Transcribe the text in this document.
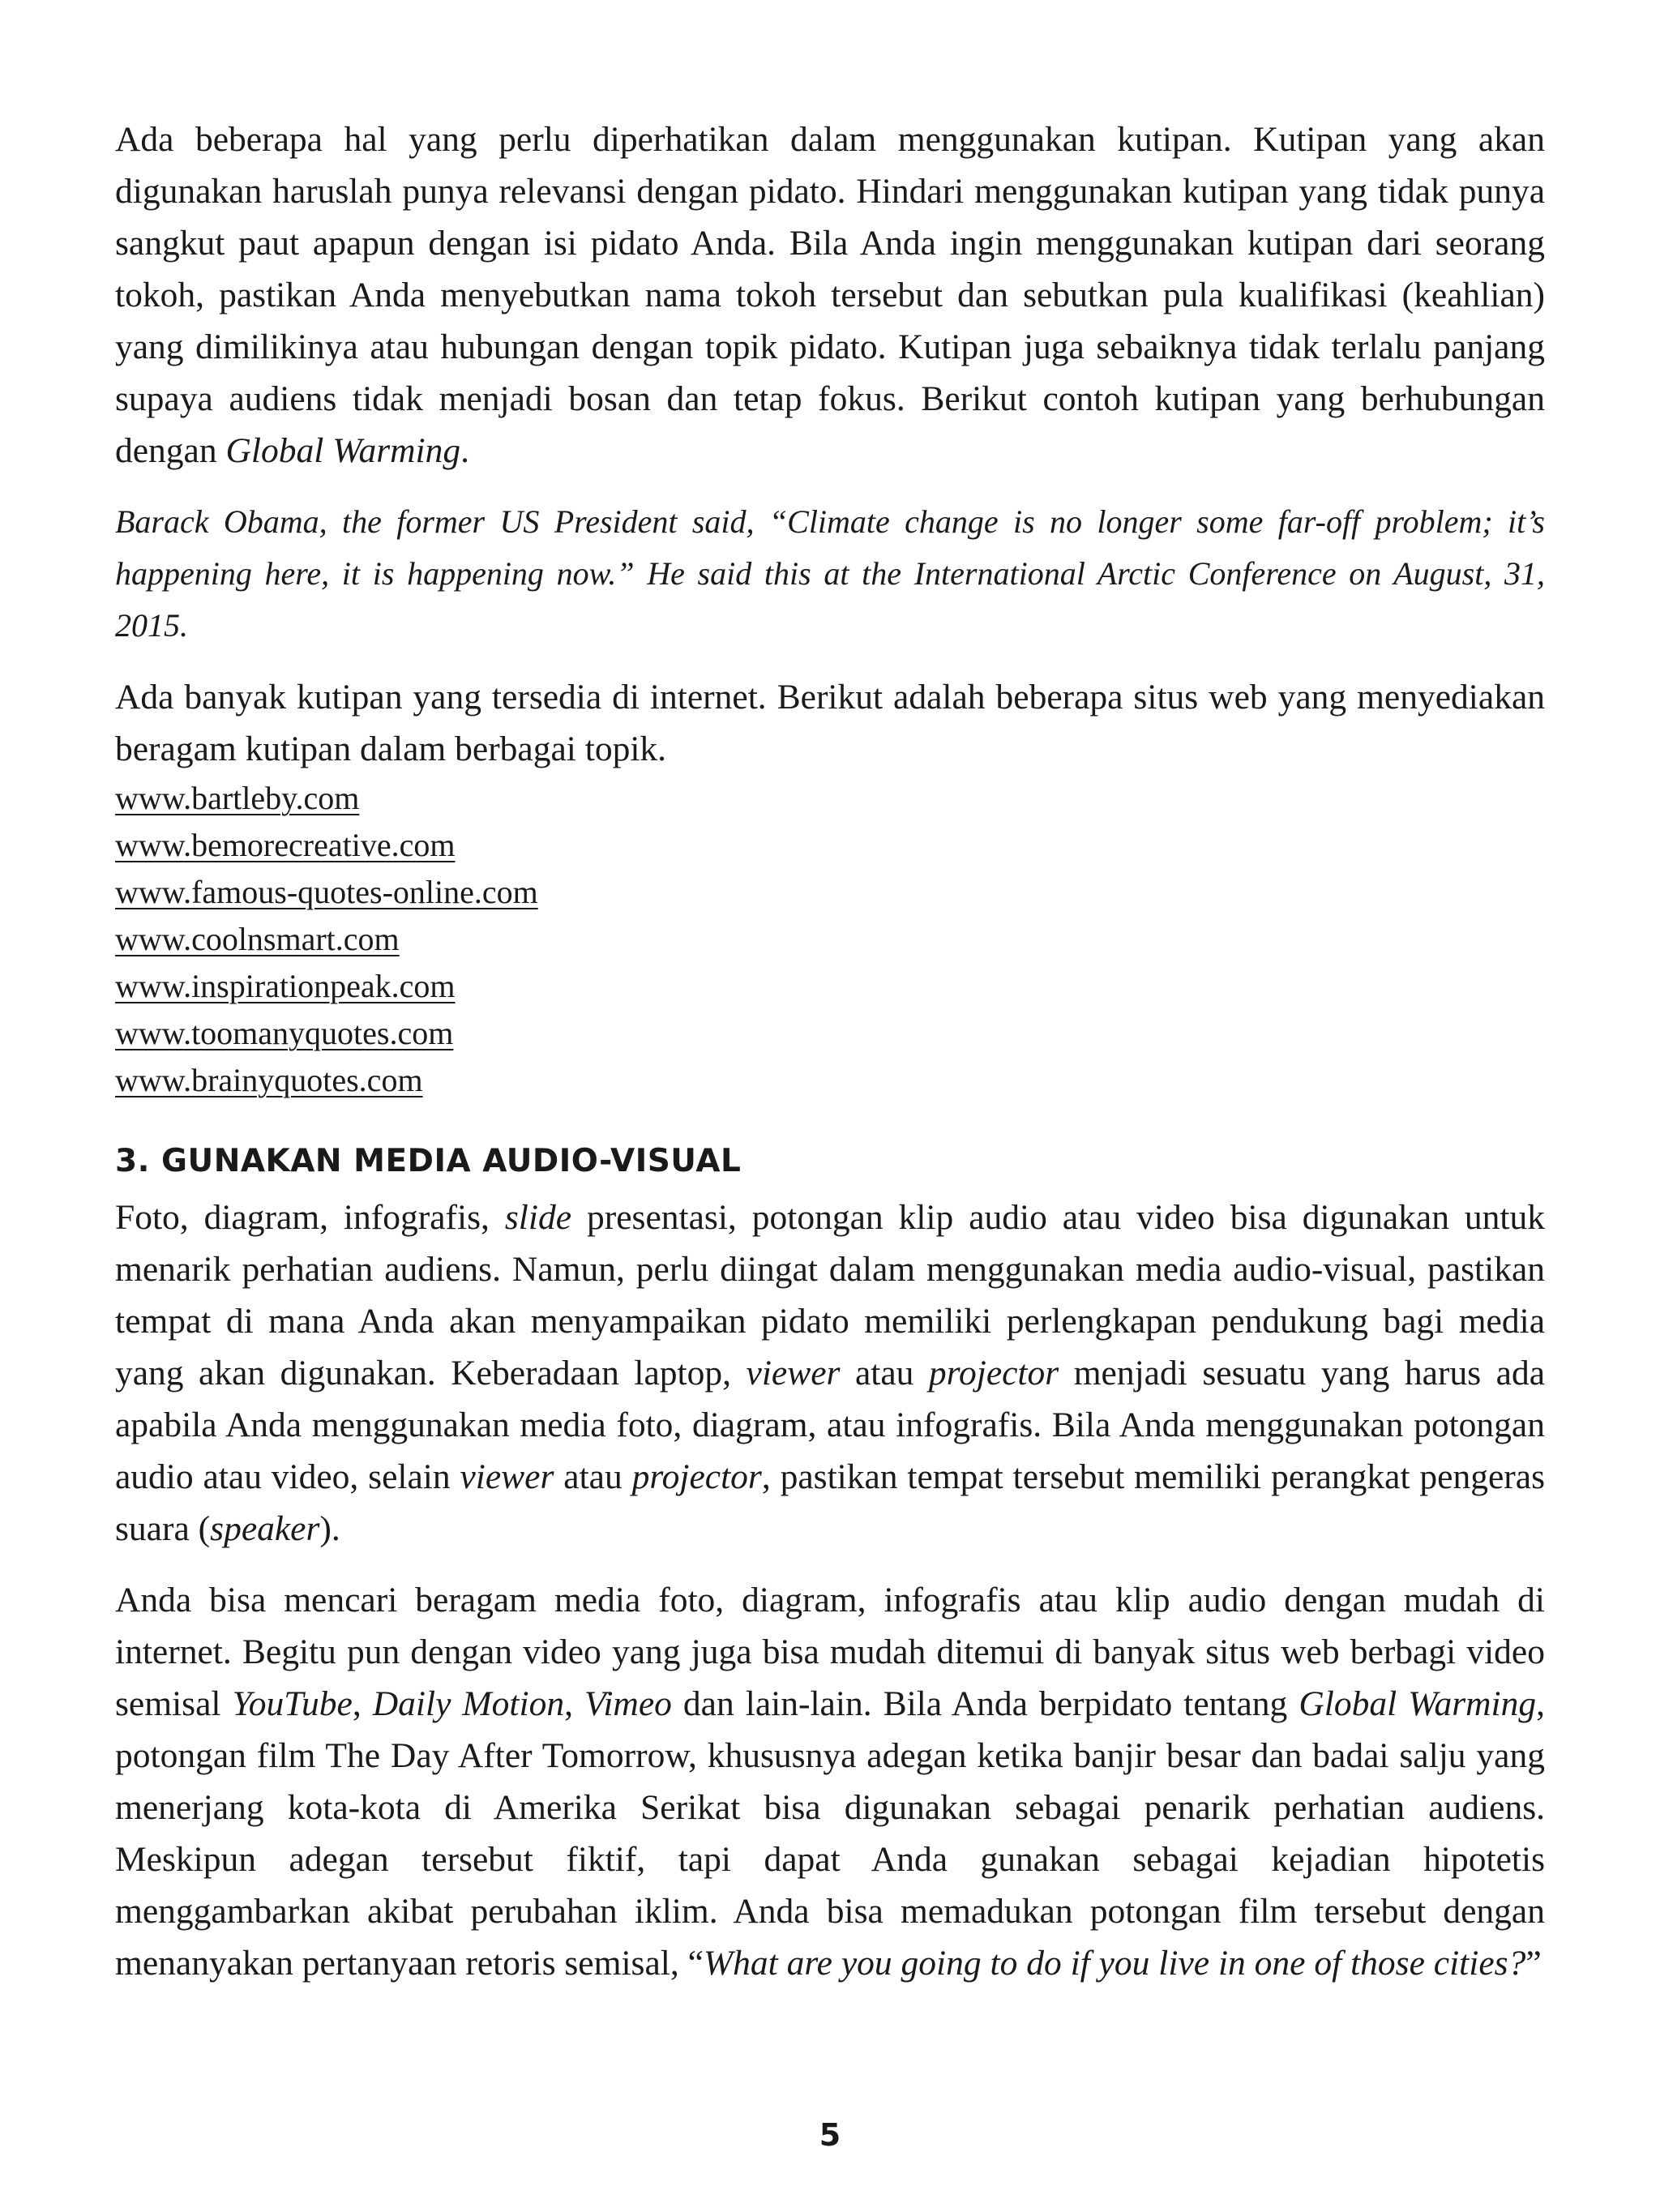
Ada beberapa hal yang perlu diperhatikan dalam menggunakan kutipan. Kutipan yang akan digunakan haruslah punya relevansi dengan pidato. Hindari menggunakan kutipan yang tidak punya sangkut paut apapun dengan isi pidato Anda. Bila Anda ingin menggunakan kutipan dari seorang tokoh, pastikan Anda menyebutkan nama tokoh tersebut dan sebutkan pula kualifikasi (keahlian) yang dimilikinya atau hubungan dengan topik pidato. Kutipan juga sebaiknya tidak terlalu panjang supaya audiens tidak menjadi bosan dan tetap fokus. Berikut contoh kutipan yang berhubungan dengan Global Warming.

Barack Obama, the former US President said, “Climate change is no longer some far-off problem; it’s happening here, it is happening now.” He said this at the International Arctic Conference on August, 31, 2015.

Ada banyak kutipan yang tersedia di internet. Berikut adalah beberapa situs web yang menyediakan beragam kutipan dalam berbagai topik.

www.bartleby.com
www.bemorecreative.com
www.famous-quotes-online.com
www.coolnsmart.com
www.inspirationpeak.com
www.toomanyquotes.com
www.brainyquotes.com
3. GUNAKAN MEDIA AUDIO-VISUAL

Foto, diagram, infografis, slide presentasi, potongan klip audio atau video bisa digunakan untuk menarik perhatian audiens. Namun, perlu diingat dalam menggunakan media audio-visual, pastikan tempat di mana Anda akan menyampaikan pidato memiliki perlengkapan pendukung bagi media yang akan digunakan. Keberadaan laptop, viewer atau projector menjadi sesuatu yang harus ada apabila Anda menggunakan media foto, diagram, atau infografis. Bila Anda menggunakan potongan audio atau video, selain viewer atau projector, pastikan tempat tersebut memiliki perangkat pengeras suara (speaker).

Anda bisa mencari beragam media foto, diagram, infografis atau klip audio dengan mudah di internet. Begitu pun dengan video yang juga bisa mudah ditemui di banyak situs web berbagi video semisal YouTube, Daily Motion, Vimeo dan lain-lain. Bila Anda berpidato tentang Global Warming, potongan film The Day After Tomorrow, khususnya adegan ketika banjir besar dan badai salju yang menerjang kota-kota di Amerika Serikat bisa digunakan sebagai penarik perhatian audiens. Meskipun adegan tersebut fiktif, tapi dapat Anda gunakan sebagai kejadian hipotetis menggambarkan akibat perubahan iklim. Anda bisa memadukan potongan film tersebut dengan menanyakan pertanyaan retoris semisal, “What are you going to do if you live in one of those cities?”

5
